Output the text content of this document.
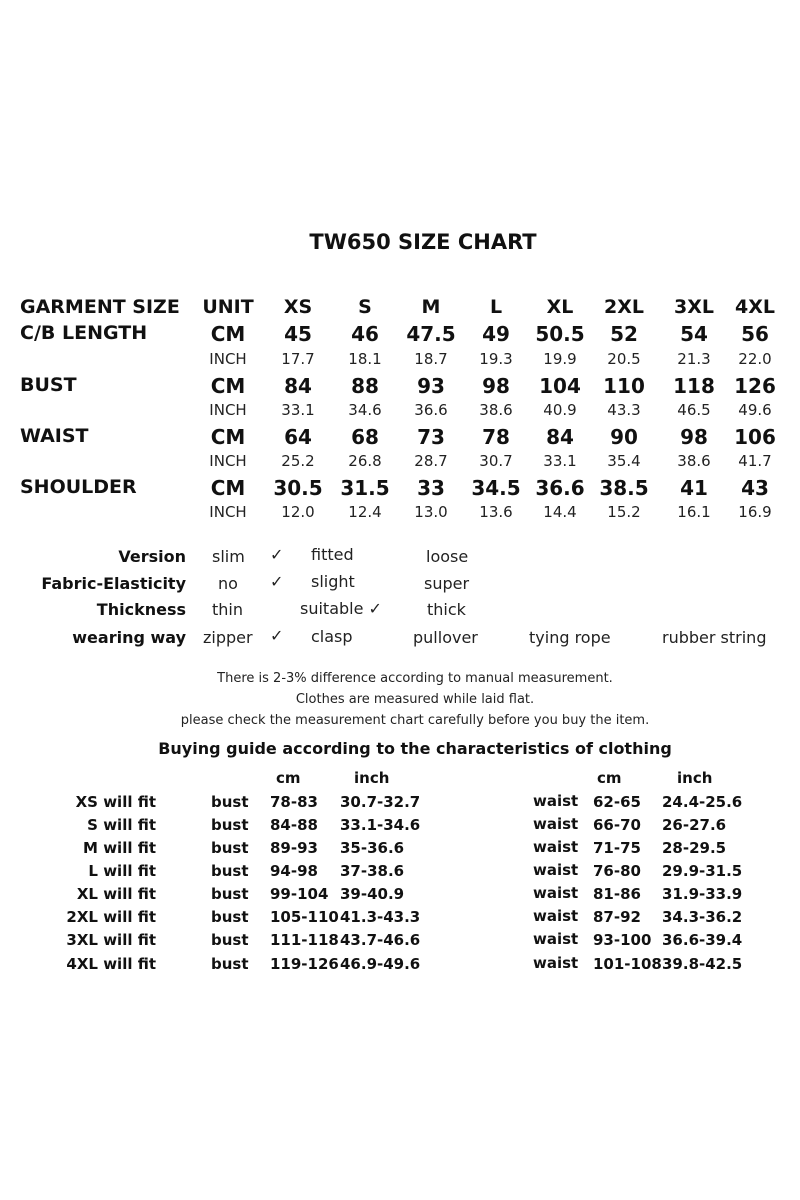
TW650 SIZE CHART
GARMENT SIZE UNIT XS S	M	L XL 2XL 3XL 4XL
C/B LENGTH	CM 45 46 47.5 49 50.5 52 54 56
INCH 17.7 18.1 18.7 19.3 19.9 20.5 21.3 22.0
BUST	CM 84 88 93 98 104 110 118 126
INCH 33.1 34.6 36.6 38.6 40.9 43.3 46.5 49.6
WAIST	CM 64 68 73 78 84 90 98 106
INCH 25.2 26.8 28.7 30.7 33.1 35.4 38.6 41.7
SHOULDER	CM 30.5 31.5 33 34.5 36.6 38.5 41 43
INCH 12.0 12.4 13.0 13.6 14.4 15.2 16.1 16.9
Version slim ✓ fitted	loose
Fabric-Elasticity no ✓ slight	super
Thickness thin	suitable ✓	thick
wearing way zipper ✓ clasp	pullover	tying rope	rubber string
There is 2-3% difference according to manual measurement.
Clothes are measured while laid flat.
please check the measurement chart carefully before you buy the item.
Buying guide according to the characteristics of clothing
cm	inch	cm	inch
XS will fit	bust 78-83 30.7-32.7	waist 62-65 24.4-25.6
S will fit	bust 84-88 33.1-34.6	waist 66-70 26-27.6
M will fit	bust 89-93 35-36.6	waist 71-75 28-29.5
L will fit	bust 94-98 37-38.6	waist 76-80 29.9-31.5
XL will fit	bust 99-104 39-40.9	waist 81-86 31.9-33.9
2XL will fit	bust 105-110 41.3-43.3	waist 87-92 34.3-36.2
3XL will fit	bust 111-118 43.7-46.6	waist 93-100 36.6-39.4
4XL will fit	bust 119-126 46.9-49.6	waist 101-108 39.8-42.5
